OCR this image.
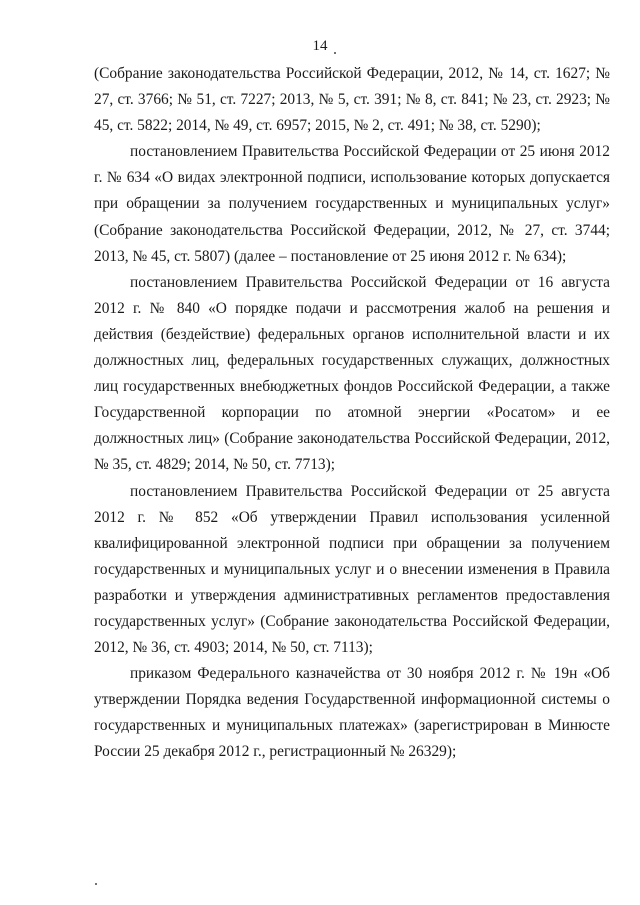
14

(Собрание законодательства Российской Федерации, 2012, № 14, ст. 1627; № 27, ст. 3766; № 51, ст. 7227; 2013, № 5, ст. 391; № 8, ст. 841; № 23, ст. 2923; № 45, ст. 5822; 2014, № 49, ст. 6957; 2015, № 2, ст. 491; № 38, ст. 5290);

постановлением Правительства Российской Федерации от 25 июня 2012 г. № 634 «О видах электронной подписи, использование которых допускается при обращении за получением государственных и муниципальных услуг» (Собрание законодательства Российской Федерации, 2012, № 27, ст. 3744; 2013, № 45, ст. 5807) (далее – постановление от 25 июня 2012 г. № 634);

постановлением Правительства Российской Федерации от 16 августа 2012 г. № 840 «О порядке подачи и рассмотрения жалоб на решения и действия (бездействие) федеральных органов исполнительной власти и их должностных лиц, федеральных государственных служащих, должностных лиц государственных внебюджетных фондов Российской Федерации, а также Государственной корпорации по атомной энергии «Росатом» и ее должностных лиц» (Собрание законодательства Российской Федерации, 2012, № 35, ст. 4829; 2014, № 50, ст. 7713);

постановлением Правительства Российской Федерации от 25 августа 2012 г. № 852 «Об утверждении Правил использования усиленной квалифицированной электронной подписи при обращении за получением государственных и муниципальных услуг и о внесении изменения в Правила разработки и утверждения административных регламентов предоставления государственных услуг» (Собрание законодательства Российской Федерации, 2012, № 36, ст. 4903; 2014, № 50, ст. 7113);

приказом Федерального казначейства от 30 ноября 2012 г. № 19н «Об утверждении Порядка ведения Государственной информационной системы о государственных и муниципальных платежах» (зарегистрирован в Минюсте России 25 декабря 2012 г., регистрационный № 26329);
